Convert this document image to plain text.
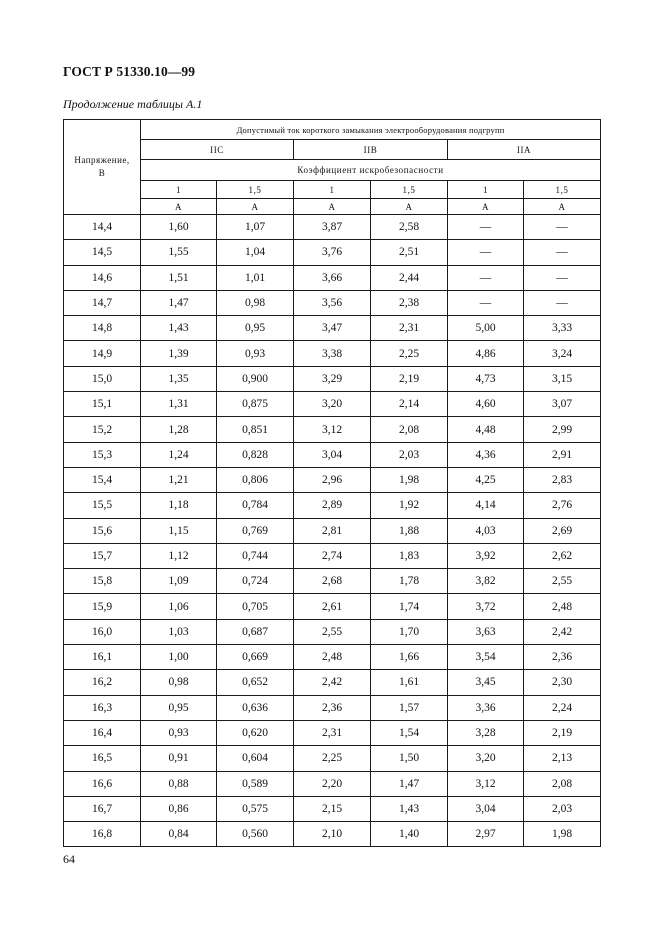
ГОСТ Р 51330.10—99
Продолжение таблицы А.1
Напряжение,
В	Допустимый ток короткого замыкания электрооборудования подгрупп					
	IIC		IIB		IIA	
	Коэффициент искробезопасности					
	1	1,5	1	1,5	1	1,5
	А	А	А	А	А	А
14,4	1,60	1,07	3,87	2,58	—	—
14,5	1,55	1,04	3,76	2,51	—	—
14,6	1,51	1,01	3,66	2,44	—	—
14,7	1,47	0,98	3,56	2,38	—	—
14,8	1,43	0,95	3,47	2,31	5,00	3,33
14,9	1,39	0,93	3,38	2,25	4,86	3,24
15,0	1,35	0,900	3,29	2,19	4,73	3,15
15,1	1,31	0,875	3,20	2,14	4,60	3,07
15,2	1,28	0,851	3,12	2,08	4,48	2,99
15,3	1,24	0,828	3,04	2,03	4,36	2,91
15,4	1,21	0,806	2,96	1,98	4,25	2,83
15,5	1,18	0,784	2,89	1,92	4,14	2,76
15,6	1,15	0,769	2,81	1,88	4,03	2,69
15,7	1,12	0,744	2,74	1,83	3,92	2,62
15,8	1,09	0,724	2,68	1,78	3,82	2,55
15,9	1,06	0,705	2,61	1,74	3,72	2,48
16,0	1,03	0,687	2,55	1,70	3,63	2,42
16,1	1,00	0,669	2,48	1,66	3,54	2,36
16,2	0,98	0,652	2,42	1,61	3,45	2,30
16,3	0,95	0,636	2,36	1,57	3,36	2,24
16,4	0,93	0,620	2,31	1,54	3,28	2,19
16,5	0,91	0,604	2,25	1,50	3,20	2,13
16,6	0,88	0,589	2,20	1,47	3,12	2,08
16,7	0,86	0,575	2,15	1,43	3,04	2,03
16,8	0,84	0,560	2,10	1,40	2,97	1,98
64
